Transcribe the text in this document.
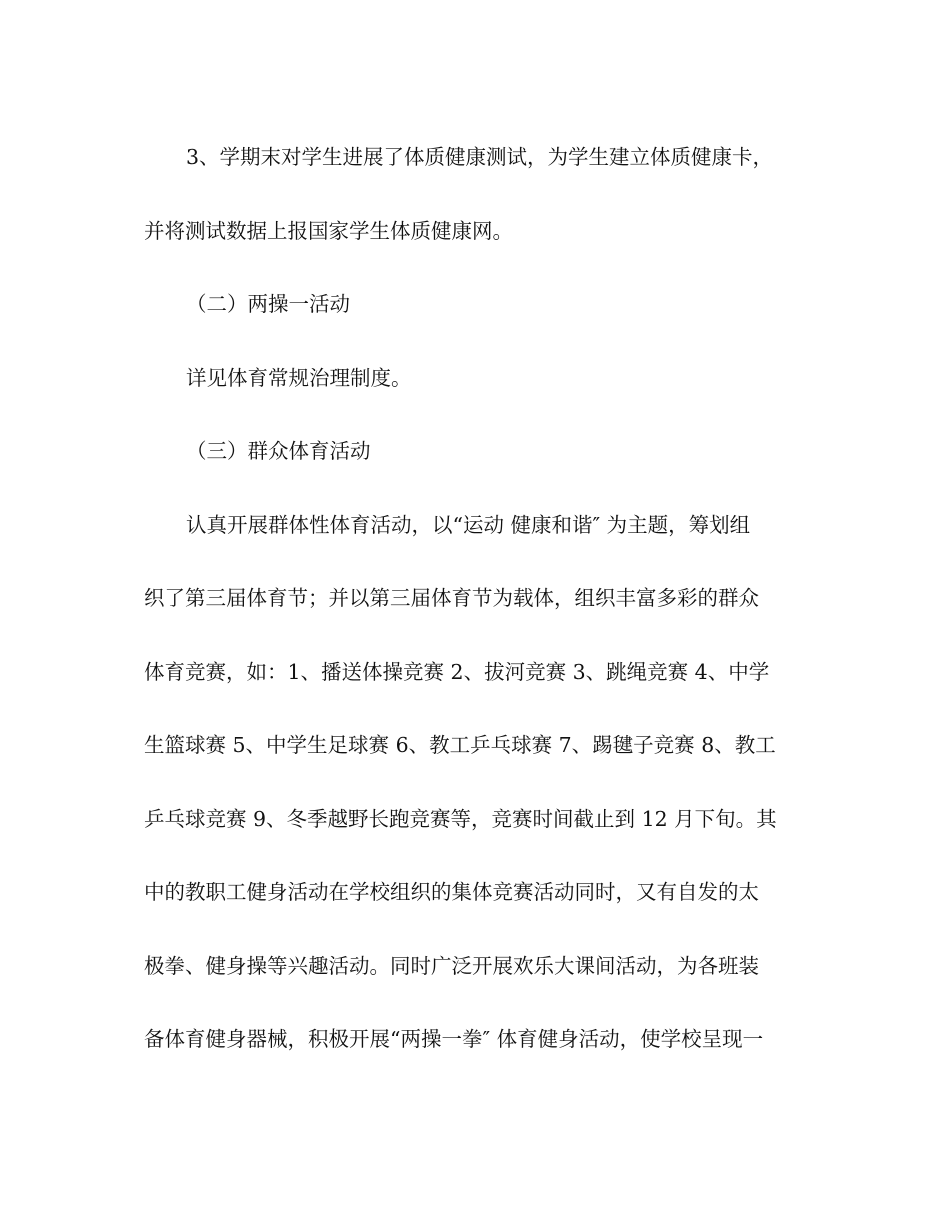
3、学期末对学生进展了体质健康测试，为学生建立体质健康卡，
并将测试数据上报国家学生体质健康网。
（二）两操一活动
详见体育常规治理制度。
（三）群众体育活动
认真开展群体性体育活动，以“运动 健康和谐″ 为主题，筹划组
织了第三届体育节；并以第三届体育节为载体，组织丰富多彩的群众
体育竞赛，如：1、播送体操竞赛 2、拔河竞赛 3、跳绳竞赛 4、中学
生篮球赛 5、中学生足球赛 6、教工乒乓球赛 7、踢毽子竞赛 8、教工
乒乓球竞赛 9、冬季越野长跑竞赛等，竞赛时间截止到 12 月下旬。其
中的教职工健身活动在学校组织的集体竞赛活动同时，又有自发的太
极拳、健身操等兴趣活动。同时广泛开展欢乐大课间活动，为各班装
备体育健身器械，积极开展“两操一拳″ 体育健身活动，使学校呈现一
